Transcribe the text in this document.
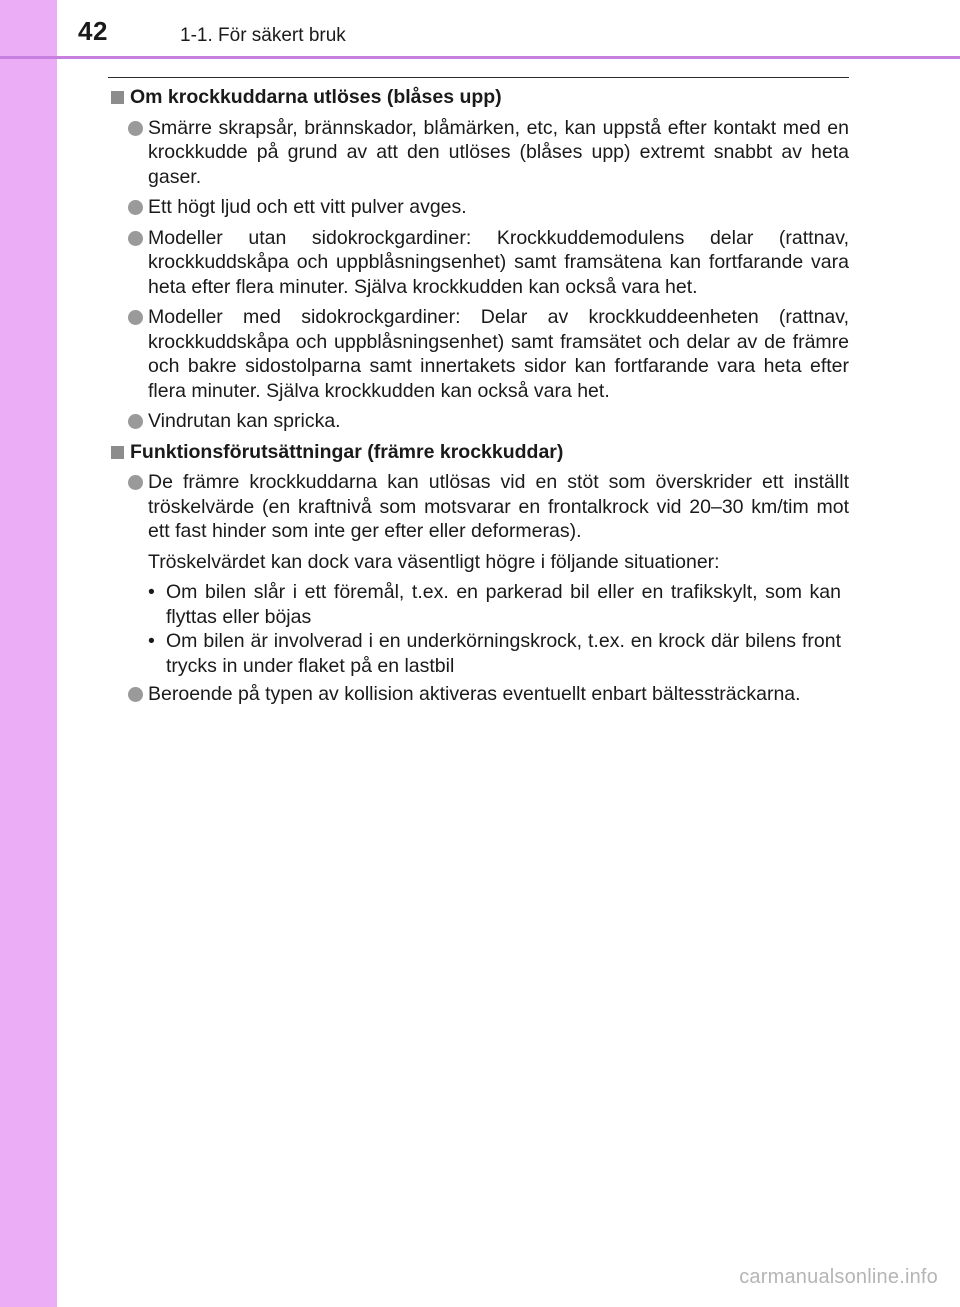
42	1-1. För säkert bruk
Om krockkuddarna utlöses (blåses upp)
Smärre skrapsår, brännskador, blåmärken, etc, kan uppstå efter kontakt med en krockkudde på grund av att den utlöses (blåses upp) extremt snabbt av heta gaser.
Ett högt ljud och ett vitt pulver avges.
Modeller utan sidokrockgardiner: Krockkuddemodulens delar (rattnav, krockkuddskåpa och uppblåsningsenhet) samt framsätena kan fortfarande vara heta efter flera minuter. Själva krockkudden kan också vara het.
Modeller med sidokrockgardiner: Delar av krockkuddeenheten (rattnav, krockkuddskåpa och uppblåsningsenhet) samt framsätet och delar av de främre och bakre sidostolparna samt innertakets sidor kan fortfarande vara heta efter flera minuter. Själva krockkudden kan också vara het.
Vindrutan kan spricka.
Funktionsförutsättningar (främre krockkuddar)
De främre krockkuddarna kan utlösas vid en stöt som överskrider ett inställt tröskelvärde (en kraftnivå som motsvarar en frontalkrock vid 20–30 km/tim mot ett fast hinder som inte ger efter eller deformeras).
Tröskelvärdet kan dock vara väsentligt högre i följande situationer:
• Om bilen slår i ett föremål, t.ex. en parkerad bil eller en trafikskylt, som kan flyttas eller böjas
• Om bilen är involverad i en underkörningskrock, t.ex. en krock där bilens front trycks in under flaket på en lastbil
Beroende på typen av kollision aktiveras eventuellt enbart bältessträckarna.
carmanualsonline.info
